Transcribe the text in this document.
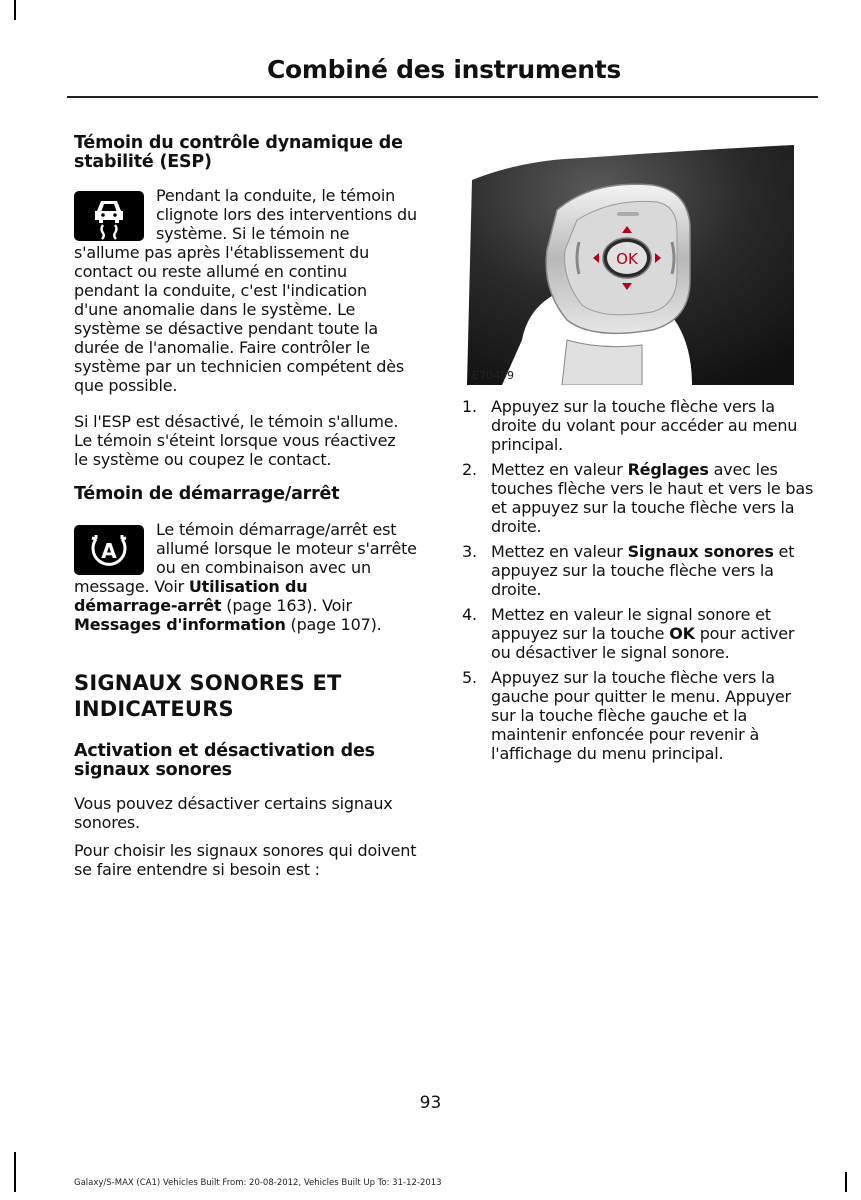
Combiné des instruments
Témoin du contrôle dynamique de stabilité (ESP)
Pendant la conduite, le témoin
clignote lors des interventions du
système. Si le témoin ne
s'allume pas après l'établissement du
contact ou reste allumé en continu
pendant la conduite, c'est l'indication
d'une anomalie dans le système. Le
système se désactive pendant toute la
durée de l'anomalie. Faire contrôler le
système par un technicien compétent dès
que possible.
Si l'ESP est désactivé, le témoin s'allume.
Le témoin s'éteint lorsque vous réactivez
le système ou coupez le contact.
Témoin de démarrage/arrêt
A
Le témoin démarrage/arrêt est
allumé lorsque le moteur s'arrête
ou en combinaison avec un
message. Voir Utilisation du
démarrage-arrêt (page 163). Voir
Messages d'information (page 107).
SIGNAUX SONORES ET
INDICATEURS
Activation et désactivation des signaux sonores

Vous pouvez désactiver certains signaux sonores.

Pour choisir les signaux sonores qui doivent se faire entendre si besoin est :

OK
E70499
1. Appuyez sur la touche flèche vers la droite du volant pour accéder au menu principal.
2. Mettez en valeur Réglages avec les touches flèche vers le haut et vers le bas et appuyez sur la touche flèche vers la droite.
3. Mettez en valeur Signaux sonores et appuyez sur la touche flèche vers la droite.
4. Mettez en valeur le signal sonore et appuyez sur la touche OK pour activer ou désactiver le signal sonore.
5. Appuyez sur la touche flèche vers la gauche pour quitter le menu. Appuyer sur la touche flèche gauche et la maintenir enfoncée pour revenir à l'affichage du menu principal.
93
Galaxy/S-MAX (CA1) Vehicles Built From: 20-08-2012, Vehicles Built Up To: 31-12-2013
